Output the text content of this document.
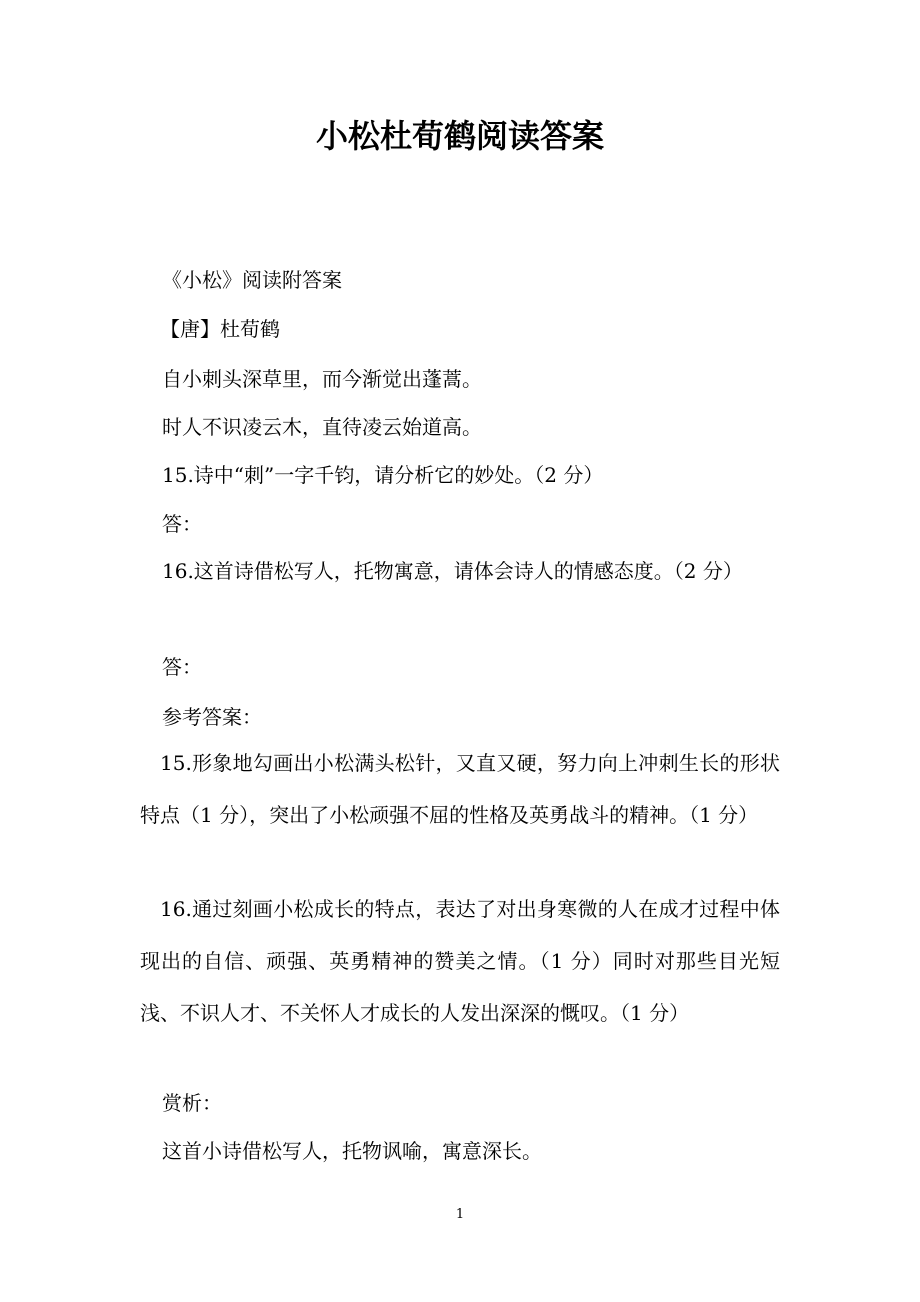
小松杜荀鹤阅读答案
《小松》阅读附答案
【唐】杜荀鹤
自小刺头深草里，而今渐觉出蓬蒿。
时人不识凌云木，直待凌云始道高。
15.诗中“刺”一字千钧，请分析它的妙处。（2 分）
答：
16.这首诗借松写人，托物寓意，请体会诗人的情感态度。（2 分）
答：
参考答案：
15.形象地勾画出小松满头松针，又直又硬，努力向上冲刺生长的形状特点（1 分），突出了小松顽强不屈的性格及英勇战斗的精神。（1 分）
16.通过刻画小松成长的特点，表达了对出身寒微的人在成才过程中体现出的自信、顽强、英勇精神的赞美之情。（1 分）同时对那些目光短浅、不识人才、不关怀人才成长的人发出深深的慨叹。（1 分）
赏析：
这首小诗借松写人，托物讽喻，寓意深长。
1
